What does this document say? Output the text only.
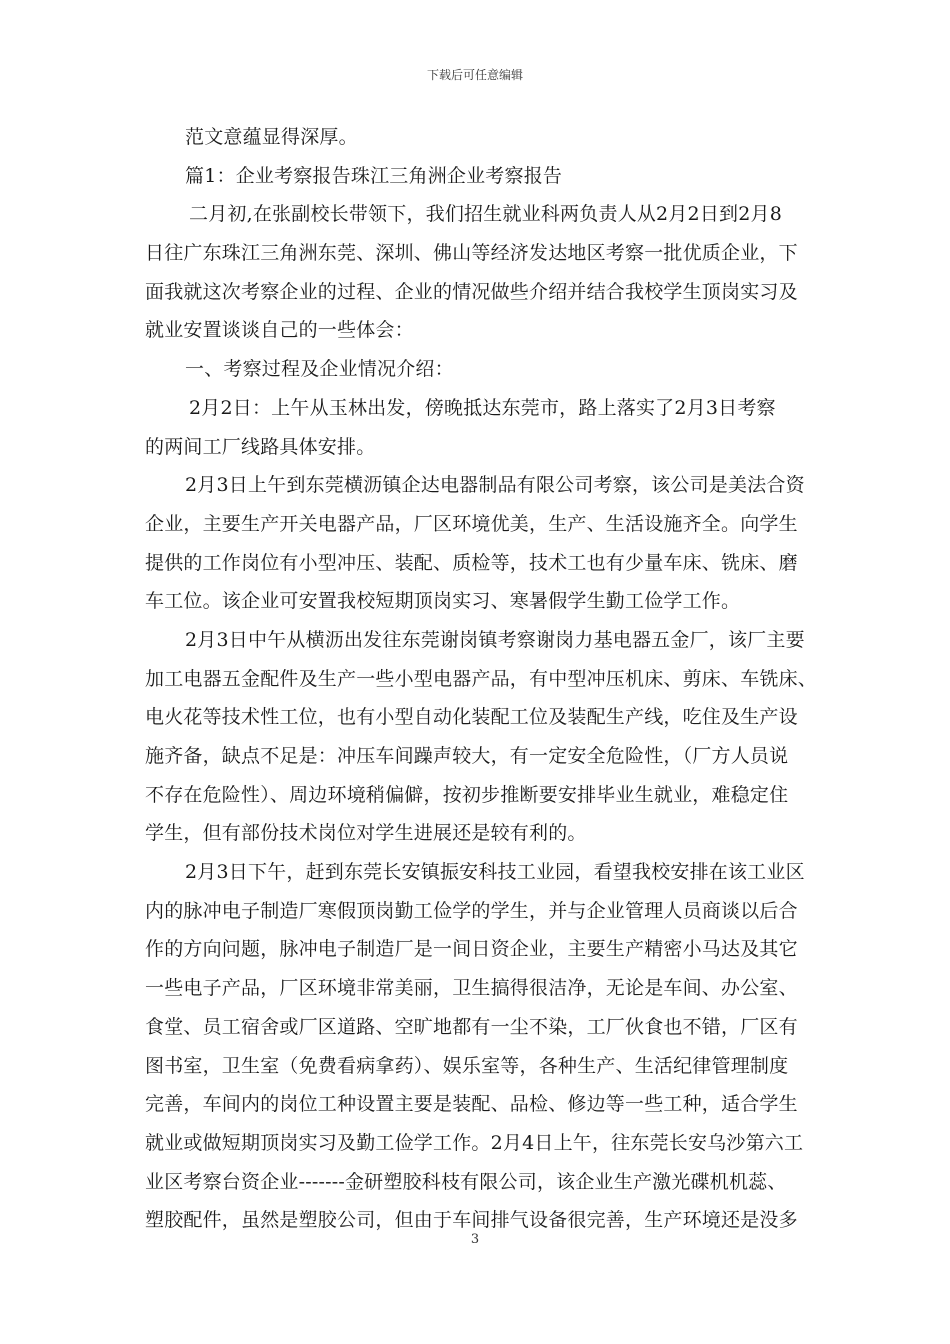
下载后可任意编辑
范文意蕴显得深厚。
篇1：企业考察报告珠江三角洲企业考察报告
二月初,在张副校长带领下，我们招生就业科两负责人从2月2日到2月8
日往广东珠江三角洲东莞、深圳、佛山等经济发达地区考察一批优质企业，下
面我就这次考察企业的过程、企业的情况做些介绍并结合我校学生顶岗实习及
就业安置谈谈自己的一些体会：
一、考察过程及企业情况介绍：
2月2日：上午从玉林出发，傍晚抵达东莞市，路上落实了2月3日考察
的两间工厂线路具体安排。
2月3日上午到东莞横沥镇企达电器制品有限公司考察，该公司是美法合资
企业，主要生产开关电器产品，厂区环境优美，生产、生活设施齐全。向学生
提供的工作岗位有小型冲压、装配、质检等，技术工也有少量车床、铣床、磨
车工位。该企业可安置我校短期顶岗实习、寒暑假学生勤工俭学工作。
2月3日中午从横沥出发往东莞谢岗镇考察谢岗力基电器五金厂，该厂主要
加工电器五金配件及生产一些小型电器产品，有中型冲压机床、剪床、车铣床、
电火花等技术性工位，也有小型自动化装配工位及装配生产线，吃住及生产设
施齐备，缺点不足是：冲压车间躁声较大，有一定安全危险性，（厂方人员说
不存在危险性）、周边环境稍偏僻，按初步推断要安排毕业生就业，难稳定住
学生，但有部份技术岗位对学生进展还是较有利的。
2月3日下午，赶到东莞长安镇振安科技工业园，看望我校安排在该工业区
内的脉冲电子制造厂寒假顶岗勤工俭学的学生，并与企业管理人员商谈以后合
作的方向问题，脉冲电子制造厂是一间日资企业，主要生产精密小马达及其它
一些电子产品，厂区环境非常美丽，卫生搞得很洁净，无论是车间、办公室、
食堂、员工宿舍或厂区道路、空旷地都有一尘不染，工厂伙食也不错，厂区有
图书室，卫生室（免费看病拿药）、娱乐室等，各种生产、生活纪律管理制度
完善，车间内的岗位工种设置主要是装配、品检、修边等一些工种，适合学生
就业或做短期顶岗实习及勤工俭学工作。2月4日上午，往东莞长安乌沙第六工
业区考察台资企业-------金研塑胶科枝有限公司，该企业生产激光碟机机蕊、
塑胶配件，虽然是塑胶公司，但由于车间排气设备很完善，生产环境还是没多
3
